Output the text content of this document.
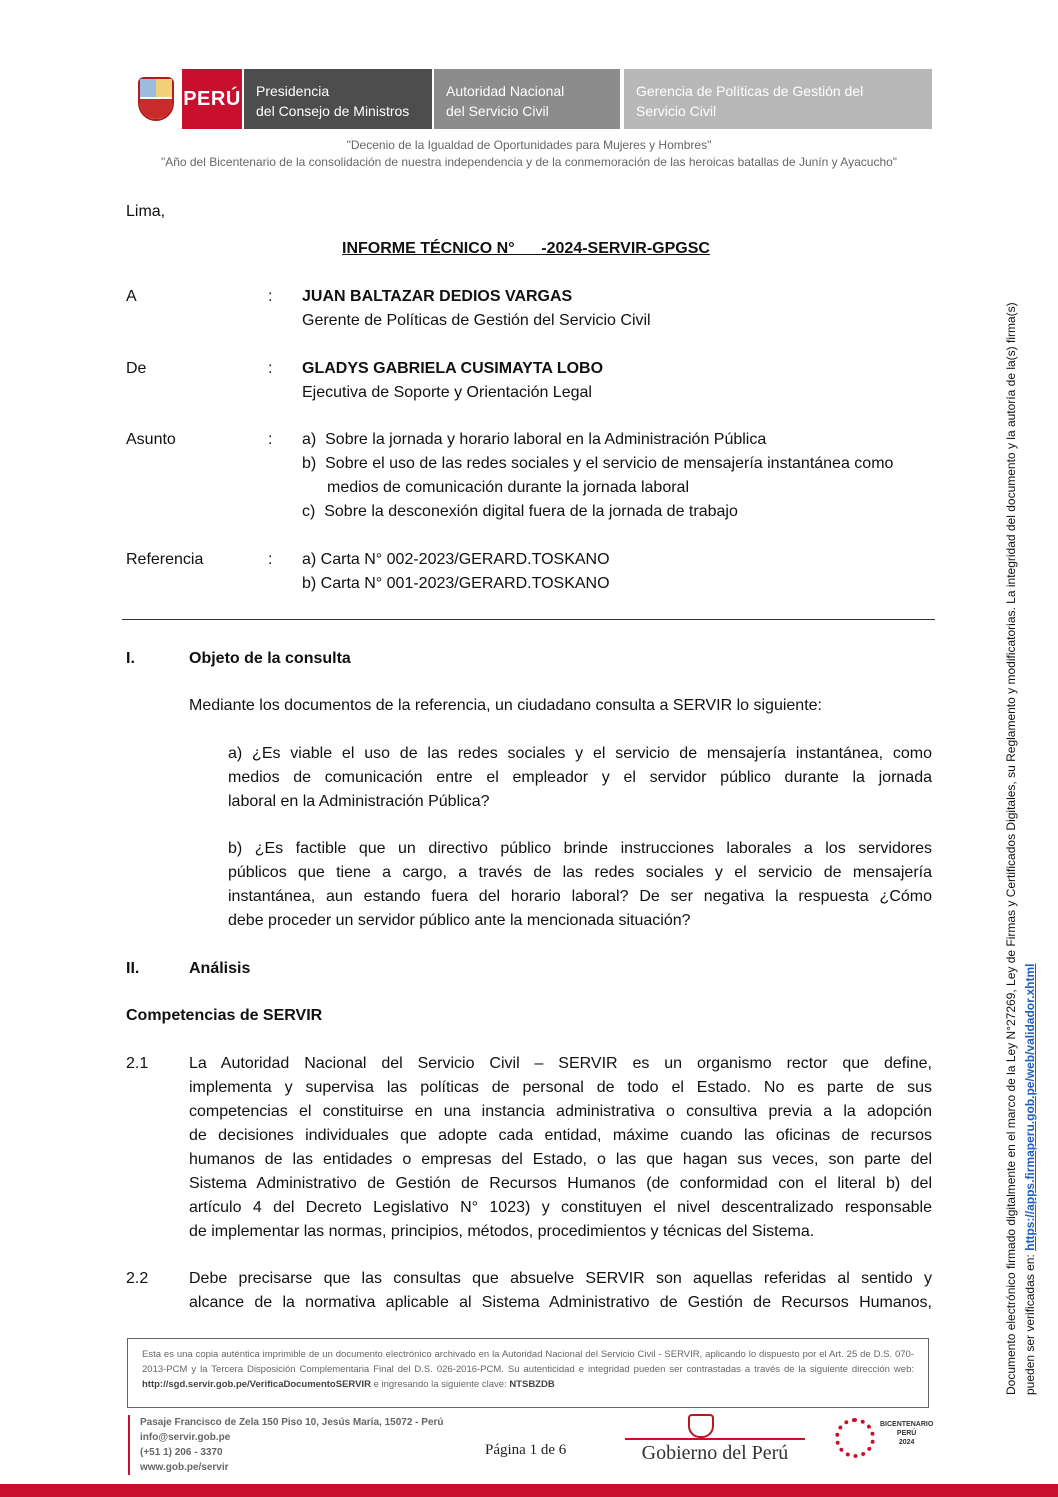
PERÚ Presidencia
del Consejo de Ministros
Autoridad Nacional
del Servicio Civil
Gerencia de Políticas de Gestión del
Servicio Civil
"Decenio de la Igualdad de Oportunidades para Mujeres y Hombres"
"Año del Bicentenario de la consolidación de nuestra independencia y de la conmemoración de las heroicas batallas de Junín y Ayacucho"
Lima,
INFORME TÉCNICO N°      -2024-SERVIR-GPGSC
A	: JUAN BALTAZAR DEDIOS VARGAS
Gerente de Políticas de Gestión del Servicio Civil
De	: GLADYS GABRIELA CUSIMAYTA LOBO
Ejecutiva de Soporte y Orientación Legal
Asunto	: a)  Sobre la jornada y horario laboral en la Administración Pública
b)  Sobre el uso de las redes sociales y el servicio de mensajería instantánea como
medios de comunicación durante la jornada laboral
c)  Sobre la desconexión digital fuera de la jornada de trabajo
Referencia	: a) Carta N° 002-2023/GERARD.TOSKANO
b) Carta N° 001-2023/GERARD.TOSKANO
I.	Objeto de la consulta
Mediante los documentos de la referencia, un ciudadano consulta a SERVIR lo siguiente:
a) ¿Es viable el uso de las redes sociales y el servicio de mensajería instantánea, como
medios de comunicación entre el empleador y el servidor público durante la jornada
laboral en la Administración Pública?
b) ¿Es factible que un directivo público brinde instrucciones laborales a los servidores
públicos que tiene a cargo, a través de las redes sociales y el servicio de mensajería
instantánea, aun estando fuera del horario laboral? De ser negativa la respuesta ¿Cómo
debe proceder un servidor público ante la mencionada situación?
II.	Análisis
Competencias de SERVIR
2.1	La Autoridad Nacional del Servicio Civil – SERVIR es un organismo rector que define,
implementa y supervisa las políticas de personal de todo el Estado. No es parte de sus
competencias el constituirse en una instancia administrativa o consultiva previa a la adopción
de decisiones individuales que adopte cada entidad, máxime cuando las oficinas de recursos
humanos de las entidades o empresas del Estado, o las que hagan sus veces, son parte del
Sistema Administrativo de Gestión de Recursos Humanos (de conformidad con el literal b) del
artículo 4 del Decreto Legislativo N° 1023) y constituyen el nivel descentralizado responsable
de implementar las normas, principios, métodos, procedimientos y técnicas del Sistema.
2.2	Debe precisarse que las consultas que absuelve SERVIR son aquellas referidas al sentido y
alcance de la normativa aplicable al Sistema Administrativo de Gestión de Recursos Humanos,
Esta es una copia auténtica imprimible de un documento electrónico archivado en la Autoridad Nacional del Servicio Civil - SERVIR, aplicando lo dispuesto por el Art. 25 de D.S. 070-2013-PCM y la Tercera Disposición Complementaria Final del D.S. 026-2016-PCM. Su autenticidad e integridad pueden ser contrastadas a través de la siguiente dirección web: http://sgd.servir.gob.pe/VerificaDocumentoSERVIR e ingresando la siguiente clave: NTSBZDB
Pasaje Francisco de Zela 150 Piso 10, Jesús María, 15072 - Perú
info@servir.gob.pe
(+51 1) 206 - 3370
www.gob.pe/servir
Página 1 de 6	Gobierno del Perú
BICENTENARIO
PERÚ
2024
Documento electrónico firmado digitalmente en el marco de la Ley N°27269, Ley de Firmas y Certificados Digitales, su Reglamento y modificatorias. La integridad del documento y la autoría de la(s) firma(s) pueden ser verificadas en: https://apps.firmaperu.gob.pe/web/validador.xhtml
